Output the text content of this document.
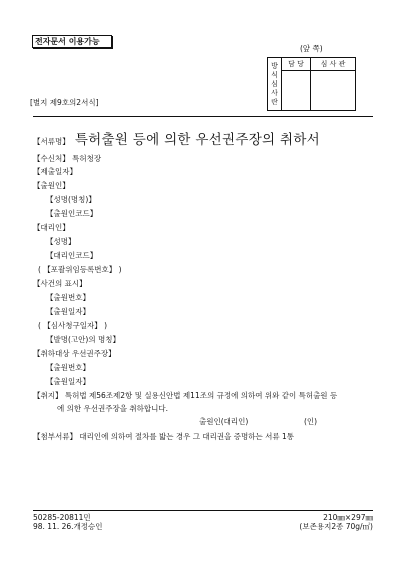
전자문서 이용가능
(앞 쪽)
방
식
심
사
란	담 당	심 사 관

[별지 제9호의2서식]
【서류명】 특허출원 등에 의한 우선권주장의 취하서
【수신처】 특허청장
【제출일자】
【출원인】
【성명(명칭)】
【출원인코드】
【대리인】
【성명】
【대리인코드】
( 【포괄위임등록번호】 )
【사건의 표시】
【출원번호】
【출원일자】
( 【심사청구일자】 )
【발명(고안)의 명칭】
【취하대상 우선권주장】
【출원번호】
【출원일자】
【취지】 특허법 제56조제2항 및 실용신안법 제11조의 규정에 의하여 위와 같이 특허출원 등
에 의한 우선권주장을 취하합니다.
출원인(대리인)	(인)
【첨부서류】 대리인에 의하여 절차를 밟는 경우 그 대리권을 증명하는 서류 1통
50285-20811민
98. 11. 26.개정승인
210㎜×297㎜
(보존용지2종 70g/㎡)
